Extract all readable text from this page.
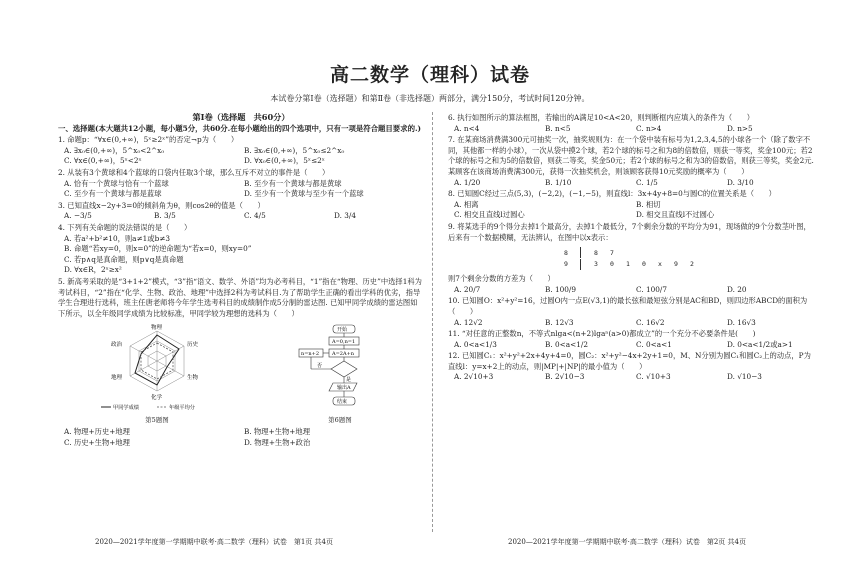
高二数学（理科）试卷
本试卷分第Ⅰ卷（选择题）和第Ⅱ卷（非选择题）两部分，满分150分，考试时间120分钟。
第Ⅰ卷（选择题　共60分）
一、选择题(本大题共12小题，每小题5分，共60分.在每小题给出的四个选项中，只有一项是符合题目要求的.)
1. 命题p：“∀x∈(0,+∞)，5ˣ≥2ˣ”的否定¬p为（　　）
A. ∃x₀∈(0,+∞)，5^x₀<2^x₀	B. ∃x₀∈(0,+∞)，5^x₀≤2^x₀
C. ∀x∈(0,+∞)，5ˣ<2ˣ	D. ∀x₀∈(0,+∞)，5ˣ≤2ˣ
2. 从装有3个黄球和4个蓝球的口袋内任取3个球，那么互斥不对立的事件是（　　）
A. 恰有一个黄球与恰有一个蓝球	B. 至少有一个黄球与都是黄球
C. 至少有一个黄球与都是蓝球	D. 至少有一个黄球与至少有一个蓝球
3. 已知直线x−2y+3=0的倾斜角为θ，则cos2θ的值是（　　）
A. −3/5	B. 3/5	C. 4/5	D. 3/4
4. 下列有关命题的说法错误的是（　　）
A. 若a²+b²≠10，则a≠1或b≠3
B. 命题“若xy=0，则x=0”的逆命题为“若x=0，则xy=0”
C. 若p∧q是真命题，则p∨q是真命题
D. ∀x∈R，2ˣ≥x²
5. 新高考采取的是“3+1+2”模式，“3”指“语文、数学、外语”均为必考科目，“1”指在“物理、历史”中选择1科为考试科目，“2”指在“化学、生物、政治、地理”中选择2科为考试科目.为了帮助学生正确的看出学科的优劣，指导学生合理进行选科，班主任唐老师将今年学生选考科目的成绩制作成5分制的雷达图. 已知甲同学成绩的雷达图如下所示，以全年级同学成绩为比较标准，甲同学较为理想的选科为（　　）
物理
历史
生物
化学
地理
政治
甲同学成绩	年级平均分
第5题图
开始
A=0,n=1
A=2A+n
n=n+2
否
是
输出A
结束
第6题图
A. 物理+历史+地理	B. 物理+生物+地理
C. 历史+生物+地理	D. 物理+生物+政治
6. 执行如图所示的算法框图，若输出的A满足10<A<20，则判断框内应填入的条件为（　　）
A. n<4	B. n<5	C. n>4	D. n>5
7. 在某商场消费满300元可抽奖一次，抽奖规则为：在一个袋中装有标号为1,2,3,4,5的小球各一个（除了数字不同，其他都一样的小球），一次从袋中摸2个球，若2个球的标号之和为8的倍数倍，则获一等奖，奖金100元；若2个球的标号之和为5的倍数倍，则获二等奖，奖金50元；若2个球的标号之和为3的倍数倍，则获三等奖，奖金2元. 某顾客在该商场消费满300元，获得一次抽奖机会，则该顾客获得10元奖励的概率为（　　）
A. 1/20	B. 1/10	C. 1/5	D. 3/10
8. 已知圆C经过三点(5,3)，(−2,2)，(−1,−5)，则直线l：3x+4y+8=0与圆C的位置关系是（　　）
A. 相离	B. 相切
C. 相交且直线l过圆心	D. 相交且直线l不过圆心
9. 将某选手的9个得分去掉1个最高分，去掉1个最低分，7个剩余分数的平均分为91，现场做的9个分数茎叶图，后来有一个数据模糊，无法辨认，在图中以x表示：
8	8 7
9	3 0 1 0 x 9 2
则7个剩余分数的方差为（　　）
A. 20/7	B. 100/9	C. 100/7	D. 20
10. 已知圆O：x²+y²=16，过圆O内一点E(√3,1)的最长弦和最短弦分别是AC和BD，则四边形ABCD的面积为（　　）
A. 12√2	B. 12√3	C. 16√2	D. 16√3
11. “对任意的正整数n，不等式nlga<(n+2)lgaⁿ(a>0)都成立”的一个充分不必要条件是(　　)
A. 0<a<1/3	B. 0<a<1/2	C. 0<a<1	D. 0<a<1/2或a>1
12. 已知圆C₁：x²+y²+2x+4y+4=0，圆C₂：x²+y²−4x+2y+1=0，M、N分别为圆C₁和圆C₂上的动点，P为直线l：y=x+2上的动点，则|MP|+|NP|的最小值为（　　）
A. 2√10+3	B. 2√10−3	C. √10+3	D. √10−3
2020—2021学年度第一学期期中联考·高二数学（理科）试卷　第1页 共4页	2020—2021学年度第一学期期中联考·高二数学（理科）试卷　第2页 共4页
